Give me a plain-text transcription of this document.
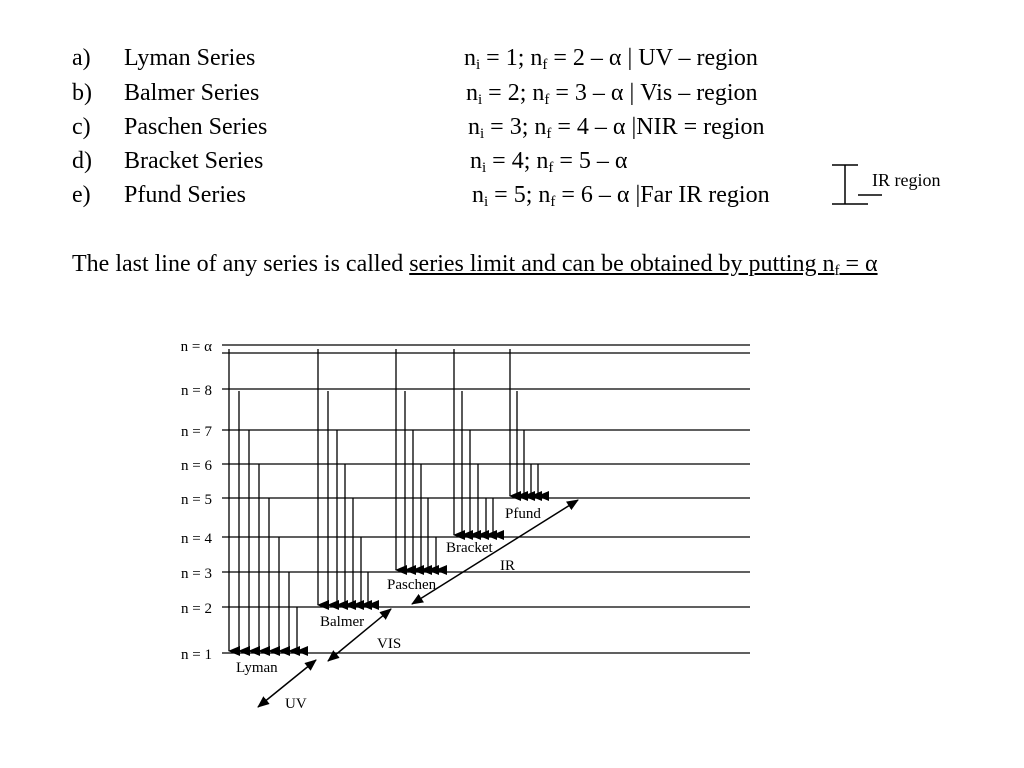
a) Lyman Series	$n_i = 1$; $n_f = 2 - \alpha$ | UV – region
b) Balmer Series	$n_i = 2$; $n_f = 3 - \alpha$ | Vis – region
c) Paschen Series	$n_i = 3$; $n_f = 4 - \alpha$ |NIR = region
d) Bracket Series	$n_i = 4$; $n_f = 5 - \alpha$
e) Pfund Series	$n_i = 5$; $n_f = 6 - \alpha$ |Far IR region
IR region
The last line of any series is called series limit and can be obtained by putting $n_f = \alpha$
n = 1
n = 2
n = 3
n = 4
n = 5
n = 6
n = 7
n = 8
n = α
Lyman
Balmer
Paschen
Bracket
Pfund
UV
VIS
IR
